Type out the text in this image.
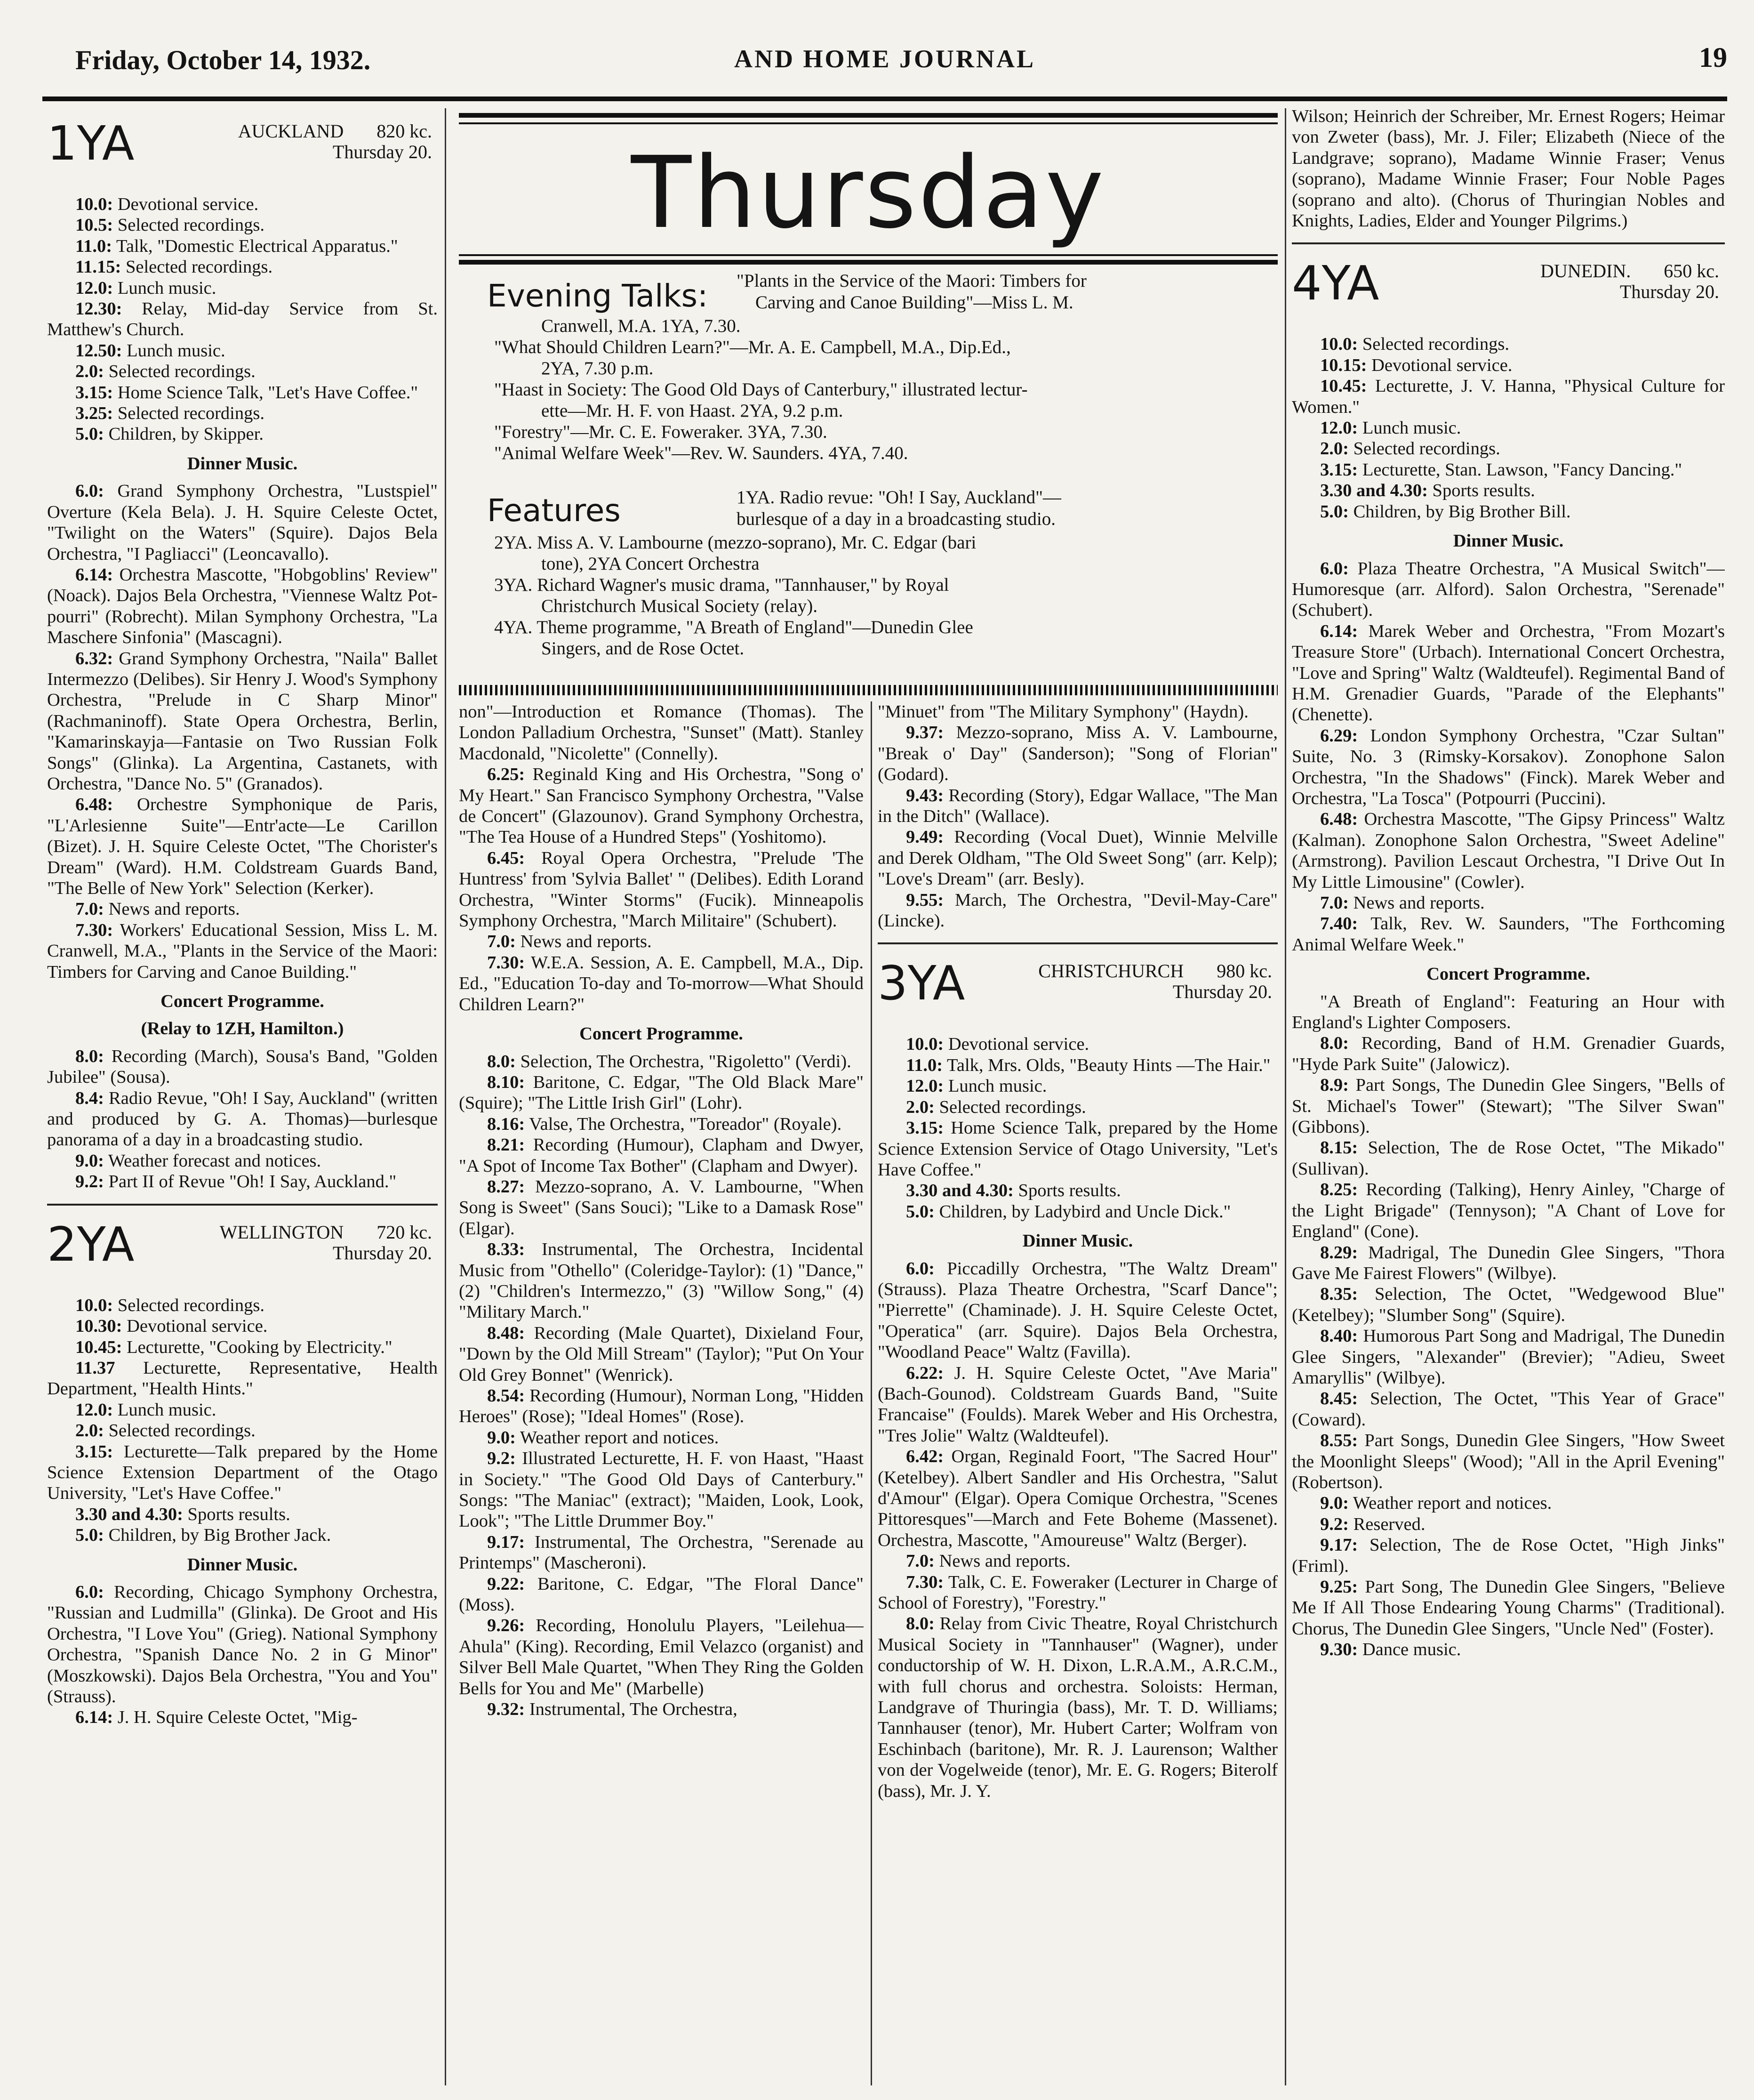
Friday, October 14, 1932.	AND HOME JOURNAL	19
Thursday
Evening Talks: "Plants in the Service of the Maori: Timbers for
Carving and Canoe Building"—Miss L. M.
Cranwell, M.A. 1YA, 7.30.
"What Should Children Learn?"—Mr. A. E. Campbell, M.A., Dip.Ed.,
2YA, 7.30 p.m.
"Haast in Society: The Good Old Days of Canterbury," illustrated lectur-
ette—Mr. H. F. von Haast. 2YA, 9.2 p.m.
"Forestry"—Mr. C. E. Foweraker. 3YA, 7.30.
"Animal Welfare Week"—Rev. W. Saunders. 4YA, 7.40.
Features	1YA. Radio revue: "Oh! I Say, Auckland"—
burlesque of a day in a broadcasting studio.
2YA. Miss A. V. Lambourne (mezzo-soprano), Mr. C. Edgar (bari
tone), 2YA Concert Orchestra
3YA. Richard Wagner's music drama, "Tannhauser," by Royal
Christchurch Musical Society (relay).
4YA. Theme programme, "A Breath of England"—Dunedin Glee
Singers, and de Rose Octet.
1YA	AUCKLAND 820 kc.
Thursday 20.

10.0: Devotional service.

10.5: Selected recordings.

11.0: Talk, "Domestic Electrical Apparatus."

11.15: Selected recordings.

12.0: Lunch music.

12.30: Relay, Mid-day Service from St. Matthew's Church.

12.50: Lunch music.

2.0: Selected recordings.

3.15: Home Science Talk, "Let's Have Coffee."

3.25: Selected recordings.

5.0: Children, by Skipper.

Dinner Music.

6.0: Grand Symphony Orchestra, "Lustspiel" Overture (Kela Bela). J. H. Squire Celeste Octet, "Twilight on the Waters" (Squire). Dajos Bela Orchestra, "I Pagliacci" (Leoncavallo).

6.14: Orchestra Mascotte, "Hobgoblins' Review" (Noack). Dajos Bela Orchestra, "Viennese Waltz Pot-pourri" (Robrecht). Milan Symphony Orchestra, "La Maschere Sinfonia" (Mascagni).

6.32: Grand Symphony Orchestra, "Naila" Ballet Intermezzo (Delibes). Sir Henry J. Wood's Symphony Orchestra, "Prelude in C Sharp Minor" (Rachmaninoff). State Opera Orchestra, Berlin, "Kamarinskayja—Fantasie on Two Russian Folk Songs" (Glinka). La Argentina, Castanets, with Orchestra, "Dance No. 5" (Granados).

6.48: Orchestre Symphonique de Paris, "L'Arlesienne Suite"—Entr'acte—Le Carillon (Bizet). J. H. Squire Celeste Octet, "The Chorister's Dream" (Ward). H.M. Coldstream Guards Band, "The Belle of New York" Selection (Kerker).

7.0: News and reports.

7.30: Workers' Educational Session, Miss L. M. Cranwell, M.A., "Plants in the Service of the Maori: Timbers for Carving and Canoe Building."

Concert Programme.

(Relay to 1ZH, Hamilton.)

8.0: Recording (March), Sousa's Band, "Golden Jubilee" (Sousa).

8.4: Radio Revue, "Oh! I Say, Auckland" (written and produced by G. A. Thomas)—burlesque panorama of a day in a broadcasting studio.

9.0: Weather forecast and notices.

9.2: Part II of Revue "Oh! I Say, Auckland."

2YA	WELLINGTON 720 kc.
Thursday 20.

10.0: Selected recordings.

10.30: Devotional service.

10.45: Lecturette, "Cooking by Electricity."

11.37 Lecturette, Representative, Health Department, "Health Hints."

12.0: Lunch music.

2.0: Selected recordings.

3.15: Lecturette—Talk prepared by the Home Science Extension Department of the Otago University, "Let's Have Coffee."

3.30 and 4.30: Sports results.

5.0: Children, by Big Brother Jack.

Dinner Music.

6.0: Recording, Chicago Symphony Orchestra, "Russian and Ludmilla" (Glinka). De Groot and His Orchestra, "I Love You" (Grieg). National Symphony Orchestra, "Spanish Dance No. 2 in G Minor" (Moszkowski). Dajos Bela Orchestra, "You and You" (Strauss).

6.14: J. H. Squire Celeste Octet, "Mig-

non"—Introduction et Romance (Thomas). The London Palladium Orchestra, "Sunset" (Matt). Stanley Macdonald, "Nicolette" (Connelly).

6.25: Reginald King and His Orchestra, "Song o' My Heart." San Francisco Symphony Orchestra, "Valse de Concert" (Glazounov). Grand Symphony Orchestra, "The Tea House of a Hundred Steps" (Yoshitomo).

6.45: Royal Opera Orchestra, "Prelude 'The Huntress' from 'Sylvia Ballet' " (Delibes). Edith Lorand Orchestra, "Winter Storms" (Fucik). Minneapolis Symphony Orchestra, "March Militaire" (Schubert).

7.0: News and reports.

7.30: W.E.A. Session, A. E. Campbell, M.A., Dip. Ed., "Education To-day and To-morrow—What Should Children Learn?"

Concert Programme.

8.0: Selection, The Orchestra, "Rigoletto" (Verdi).

8.10: Baritone, C. Edgar, "The Old Black Mare" (Squire); "The Little Irish Girl" (Lohr).

8.16: Valse, The Orchestra, "Toreador" (Royale).

8.21: Recording (Humour), Clapham and Dwyer, "A Spot of Income Tax Bother" (Clapham and Dwyer).

8.27: Mezzo-soprano, A. V. Lambourne, "When Song is Sweet" (Sans Souci); "Like to a Damask Rose" (Elgar).

8.33: Instrumental, The Orchestra, Incidental Music from "Othello" (Coleridge-Taylor): (1) "Dance," (2) "Children's Intermezzo," (3) "Willow Song," (4) "Military March."

8.48: Recording (Male Quartet), Dixieland Four, "Down by the Old Mill Stream" (Taylor); "Put On Your Old Grey Bonnet" (Wenrick).

8.54: Recording (Humour), Norman Long, "Hidden Heroes" (Rose); "Ideal Homes" (Rose).

9.0: Weather report and notices.

9.2: Illustrated Lecturette, H. F. von Haast, "Haast in Society." "The Good Old Days of Canterbury." Songs: "The Maniac" (extract); "Maiden, Look, Look, Look"; "The Little Drummer Boy."

9.17: Instrumental, The Orchestra, "Serenade au Printemps" (Mascheroni).

9.22: Baritone, C. Edgar, "The Floral Dance" (Moss).

9.26: Recording, Honolulu Players, "Leilehua—Ahula" (King). Recording, Emil Velazco (organist) and Silver Bell Male Quartet, "When They Ring the Golden Bells for You and Me" (Marbelle)

9.32: Instrumental, The Orchestra,

"Minuet" from "The Military Symphony" (Haydn).

9.37: Mezzo-soprano, Miss A. V. Lambourne, "Break o' Day" (Sanderson); "Song of Florian" (Godard).

9.43: Recording (Story), Edgar Wallace, "The Man in the Ditch" (Wallace).

9.49: Recording (Vocal Duet), Winnie Melville and Derek Oldham, "The Old Sweet Song" (arr. Kelp); "Love's Dream" (arr. Besly).

9.55: March, The Orchestra, "Devil-May-Care" (Lincke).

3YA	CHRISTCHURCH 980 kc.
Thursday 20.

10.0: Devotional service.

11.0: Talk, Mrs. Olds, "Beauty Hints —The Hair."

12.0: Lunch music.

2.0: Selected recordings.

3.15: Home Science Talk, prepared by the Home Science Extension Service of Otago University, "Let's Have Coffee."

3.30 and 4.30: Sports results.

5.0: Children, by Ladybird and Uncle Dick."

Dinner Music.

6.0: Piccadilly Orchestra, "The Waltz Dream" (Strauss). Plaza Theatre Orchestra, "Scarf Dance"; "Pierrette" (Chaminade). J. H. Squire Celeste Octet, "Operatica" (arr. Squire). Dajos Bela Orchestra, "Woodland Peace" Waltz (Favilla).

6.22: J. H. Squire Celeste Octet, "Ave Maria" (Bach-Gounod). Coldstream Guards Band, "Suite Francaise" (Foulds). Marek Weber and His Orchestra, "Tres Jolie" Waltz (Waldteufel).

6.42: Organ, Reginald Foort, "The Sacred Hour" (Ketelbey). Albert Sandler and His Orchestra, "Salut d'Amour" (Elgar). Opera Comique Orchestra, "Scenes Pittoresques"—March and Fete Boheme (Massenet). Orchestra, Mascotte, "Amoureuse" Waltz (Berger).

7.0: News and reports.

7.30: Talk, C. E. Foweraker (Lecturer in Charge of School of Forestry), "Forestry."

8.0: Relay from Civic Theatre, Royal Christchurch Musical Society in "Tannhauser" (Wagner), under conductorship of W. H. Dixon, L.R.A.M., A.R.C.M., with full chorus and orchestra. Soloists: Herman, Landgrave of Thuringia (bass), Mr. T. D. Williams; Tannhauser (tenor), Mr. Hubert Carter; Wolfram von Eschinbach (baritone), Mr. R. J. Laurenson; Walther von der Vogelweide (tenor), Mr. E. G. Rogers; Biterolf (bass), Mr. J. Y.

Wilson; Heinrich der Schreiber, Mr. Ernest Rogers; Heimar von Zweter (bass), Mr. J. Filer; Elizabeth (Niece of the Landgrave; soprano), Madame Winnie Fraser; Venus (soprano), Madame Winnie Fraser; Four Noble Pages (soprano and alto). (Chorus of Thuringian Nobles and Knights, Ladies, Elder and Younger Pilgrims.)

4YA	DUNEDIN. 650 kc.
Thursday 20.

10.0: Selected recordings.

10.15: Devotional service.

10.45: Lecturette, J. V. Hanna, "Physical Culture for Women."

12.0: Lunch music.

2.0: Selected recordings.

3.15: Lecturette, Stan. Lawson, "Fancy Dancing."

3.30 and 4.30: Sports results.

5.0: Children, by Big Brother Bill.

Dinner Music.

6.0: Plaza Theatre Orchestra, "A Musical Switch"—Humoresque (arr. Alford). Salon Orchestra, "Serenade" (Schubert).

6.14: Marek Weber and Orchestra, "From Mozart's Treasure Store" (Urbach). International Concert Orchestra, "Love and Spring" Waltz (Waldteufel). Regimental Band of H.M. Grenadier Guards, "Parade of the Elephants" (Chenette).

6.29: London Symphony Orchestra, "Czar Sultan" Suite, No. 3 (Rimsky-Korsakov). Zonophone Salon Orchestra, "In the Shadows" (Finck). Marek Weber and Orchestra, "La Tosca" (Potpourri (Puccini).

6.48: Orchestra Mascotte, "The Gipsy Princess" Waltz (Kalman). Zonophone Salon Orchestra, "Sweet Adeline" (Armstrong). Pavilion Lescaut Orchestra, "I Drive Out In My Little Limousine" (Cowler).

7.0: News and reports.

7.40: Talk, Rev. W. Saunders, "The Forthcoming Animal Welfare Week."

Concert Programme.

"A Breath of England": Featuring an Hour with England's Lighter Composers.

8.0: Recording, Band of H.M. Grenadier Guards, "Hyde Park Suite" (Jalowicz).

8.9: Part Songs, The Dunedin Glee Singers, "Bells of St. Michael's Tower" (Stewart); "The Silver Swan" (Gibbons).

8.15: Selection, The de Rose Octet, "The Mikado" (Sullivan).

8.25: Recording (Talking), Henry Ainley, "Charge of the Light Brigade" (Tennyson); "A Chant of Love for England" (Cone).

8.29: Madrigal, The Dunedin Glee Singers, "Thora Gave Me Fairest Flowers" (Wilbye).

8.35: Selection, The Octet, "Wedgewood Blue" (Ketelbey); "Slumber Song" (Squire).

8.40: Humorous Part Song and Madrigal, The Dunedin Glee Singers, "Alexander" (Brevier); "Adieu, Sweet Amaryllis" (Wilbye).

8.45: Selection, The Octet, "This Year of Grace" (Coward).

8.55: Part Songs, Dunedin Glee Singers, "How Sweet the Moonlight Sleeps" (Wood); "All in the April Evening" (Robertson).

9.0: Weather report and notices.

9.2: Reserved.

9.17: Selection, The de Rose Octet, "High Jinks" (Friml).

9.25: Part Song, The Dunedin Glee Singers, "Believe Me If All Those Endearing Young Charms" (Traditional). Chorus, The Dunedin Glee Singers, "Uncle Ned" (Foster).

9.30: Dance music.
